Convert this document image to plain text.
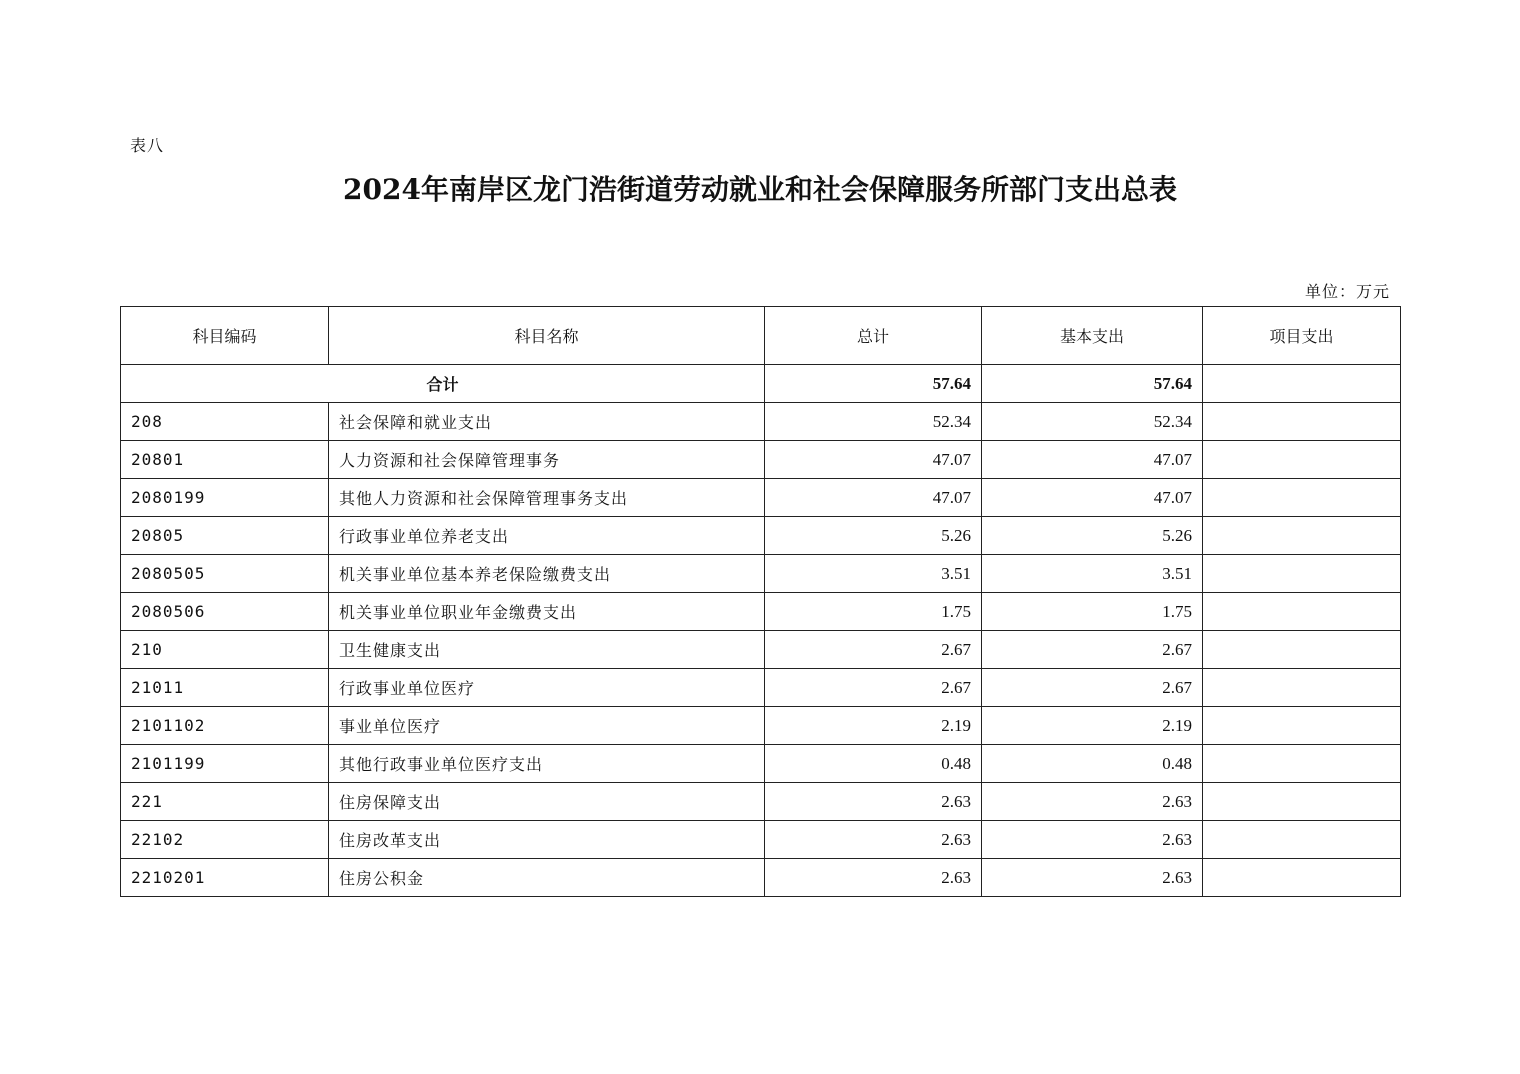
表八
2024年南岸区龙门浩街道劳动就业和社会保障服务所部门支出总表
单位：万元
科目编码	科目名称	总计	基本支出	项目支出
合计		57.64	57.64	
208	社会保障和就业支出	52.34	52.34	
20801	人力资源和社会保障管理事务	47.07	47.07	
2080199	其他人力资源和社会保障管理事务支出	47.07	47.07	
20805	行政事业单位养老支出	5.26	5.26	
2080505	机关事业单位基本养老保险缴费支出	3.51	3.51	
2080506	机关事业单位职业年金缴费支出	1.75	1.75	
210	卫生健康支出	2.67	2.67	
21011	行政事业单位医疗	2.67	2.67	
2101102	事业单位医疗	2.19	2.19	
2101199	其他行政事业单位医疗支出	0.48	0.48	
221	住房保障支出	2.63	2.63	
22102	住房改革支出	2.63	2.63	
2210201	住房公积金	2.63	2.63	
